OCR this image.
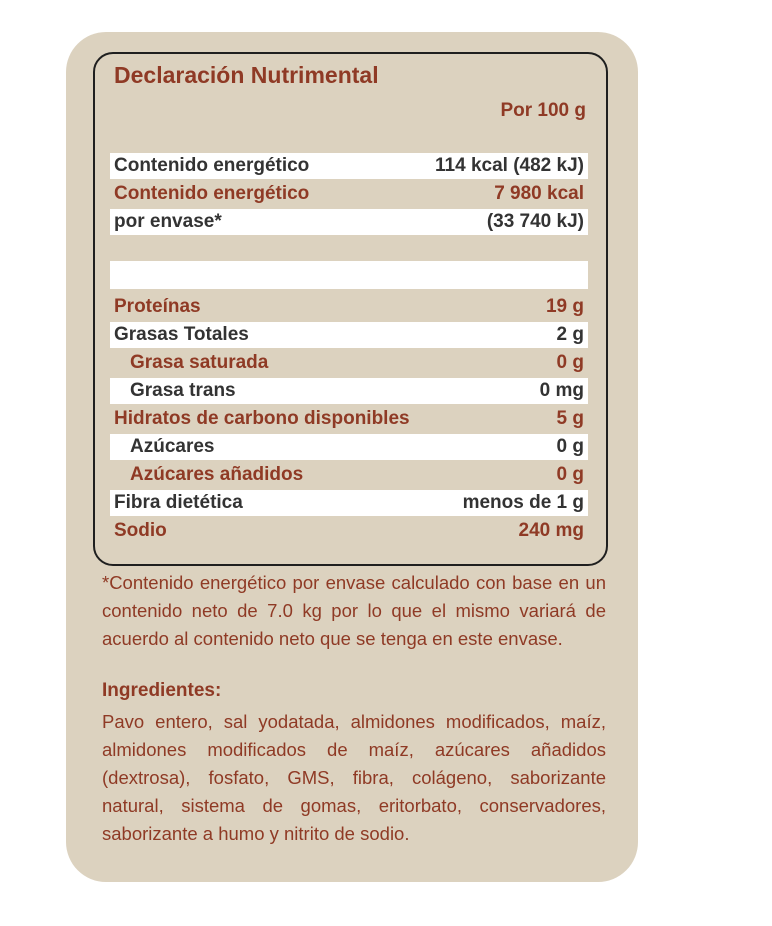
Declaración Nutrimental
Por 100 g
Contenido energético	114 kcal (482 kJ)
Contenido energético	7 980 kcal
por envase*	(33 740 kJ)
Proteínas	19 g
Grasas Totales	2 g
Grasa saturada	0 g
Grasa trans	0 mg
Hidratos de carbono disponibles	5 g
Azúcares	0 g
Azúcares añadidos	0 g
Fibra dietética	menos de 1 g
Sodio	240 mg

*Contenido energético por envase calculado con base en un contenido neto de 7.0 kg por lo que el mismo variará de acuerdo al contenido neto que se tenga en este envase.

Ingredientes:

Pavo entero, sal yodatada, almidones modificados, maíz, almidones modificados de maíz, azúcares añadidos (dextrosa), fosfato, GMS, fibra, colágeno, saborizante natural, sistema de gomas, eritorbato, conservadores, saborizante a humo y nitrito de sodio.
